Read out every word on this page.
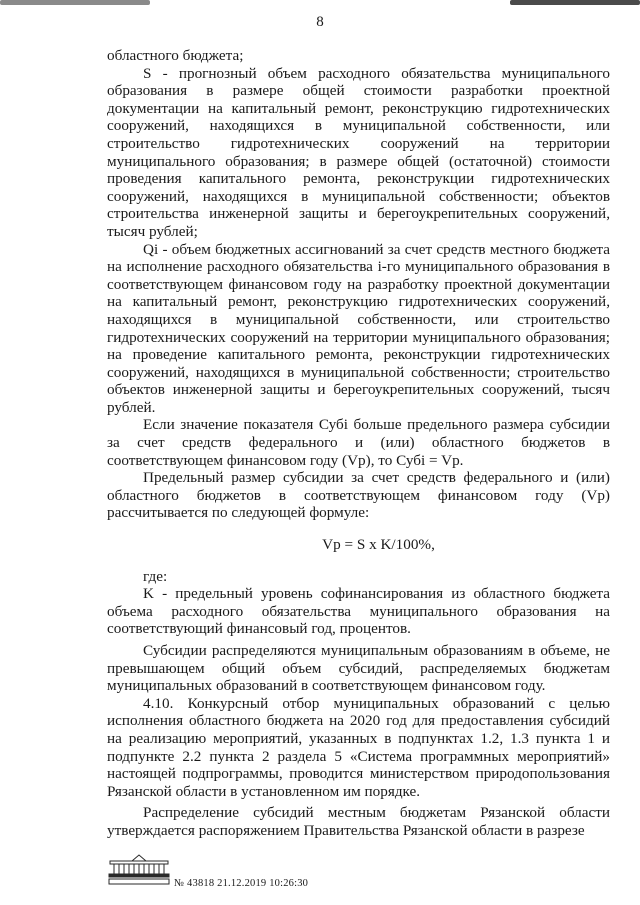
8

областного бюджета;

S - прогнозный объем расходного обязательства муниципального образования в размере общей стоимости разработки проектной документации на капитальный ремонт, реконструкцию гидротехнических сооружений, находящихся в муниципальной собственности, или строительство гидротехнических сооружений на территории муниципального образования; в размере общей (остаточной) стоимости проведения капитального ремонта, реконструкции гидротехнических сооружений, находящихся в муниципальной собственности; объектов строительства инженерной защиты и берегоукрепительных сооружений, тысяч рублей;

Qi - объем бюджетных ассигнований за счет средств местного бюджета на исполнение расходного обязательства i-го муниципального образования в соответствующем финансовом году на разработку проектной документации на капитальный ремонт, реконструкцию гидротехнических сооружений, находящихся в муниципальной собственности, или строительство гидротехнических сооружений на территории муниципального образования; на проведение капитального ремонта, реконструкции гидротехнических сооружений, находящихся в муниципальной собственности; строительство объектов инженерной защиты и берегоукрепительных сооружений, тысяч рублей.

Если значение показателя Субi больше предельного размера субсидии за счет средств федерального и (или) областного бюджетов в соответствующем финансовом году (Vp), то Субi = Vp.

Предельный размер субсидии за счет средств федерального и (или) областного бюджетов в соответствующем финансовом году (Vp) рассчитывается по следующей формуле:

Vp = S x K/100%,

где:

K - предельный уровень софинансирования из областного бюджета объема расходного обязательства муниципального образования на соответствующий финансовый год, процентов.

Субсидии распределяются муниципальным образованиям в объеме, не превышающем общий объем субсидий, распределяемых бюджетам муниципальных образований в соответствующем финансовом году.

4.10. Конкурсный отбор муниципальных образований с целью исполнения областного бюджета на 2020 год для предоставления субсидий на реализацию мероприятий, указанных в подпунктах 1.2, 1.3 пункта 1 и подпункте 2.2 пункта 2 раздела 5 «Система программных мероприятий» настоящей подпрограммы, проводится министерством природопользования Рязанской области в установленном им порядке.

Распределение субсидий местным бюджетам Рязанской области утверждается распоряжением Правительства Рязанской области в разрезе

№ 43818 21.12.2019 10:26:30
